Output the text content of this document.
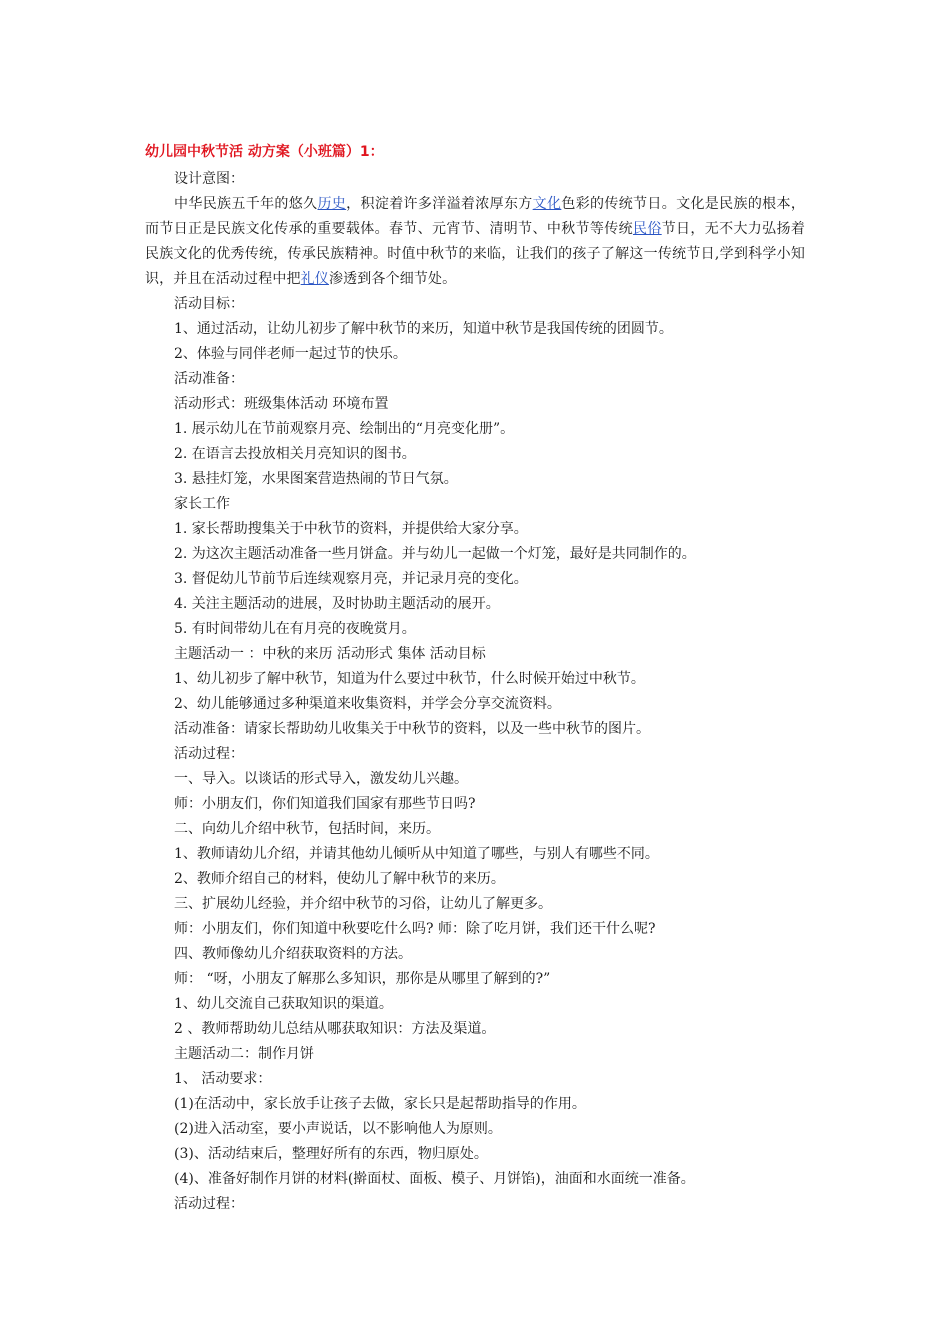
幼儿园中秋节活 动方案（小班篇）1：
设计意图：

中华民族五千年的悠久历史，积淀着许多洋溢着浓厚东方文化色彩的传统节日。文化是民族的根本，而节日正是民族文化传承的重要载体。春节、元宵节、清明节、中秋节等传统民俗节日，无不大力弘扬着民族文化的优秀传统，传承民族精神。时值中秋节的来临，让我们的孩子了解这一传统节日,学到科学小知识，并且在活动过程中把礼仪渗透到各个细节处。

活动目标：
1、通过活动，让幼儿初步了解中秋节的来历，知道中秋节是我国传统的团圆节。
2、体验与同伴老师一起过节的快乐。
活动准备：
活动形式：班级集体活动 环境布置
1. 展示幼儿在节前观察月亮、绘制出的“月亮变化册”。
2. 在语言去投放相关月亮知识的图书。
3. 悬挂灯笼，水果图案营造热闹的节日气氛。
家长工作
1. 家长帮助搜集关于中秋节的资料，并提供给大家分享。
2. 为这次主题活动准备一些月饼盒。并与幼儿一起做一个灯笼，最好是共同制作的。
3. 督促幼儿节前节后连续观察月亮，并记录月亮的变化。
4. 关注主题活动的进展，及时协助主题活动的展开。
5. 有时间带幼儿在有月亮的夜晚赏月。
主题活动一 ：中秋的来历 活动形式 集体 活动目标
1、幼儿初步了解中秋节，知道为什么要过中秋节，什么时候开始过中秋节。
2、幼儿能够通过多种渠道来收集资料，并学会分享交流资料。
活动准备：请家长帮助幼儿收集关于中秋节的资料，以及一些中秋节的图片。
活动过程：
一、导入。以谈话的形式导入，激发幼儿兴趣。
师：小朋友们，你们知道我们国家有那些节日吗?
二、向幼儿介绍中秋节，包括时间，来历。
1、教师请幼儿介绍，并请其他幼儿倾听从中知道了哪些，与别人有哪些不同。
2、教师介绍自己的材料，使幼儿了解中秋节的来历。
三、扩展幼儿经验，并介绍中秋节的习俗，让幼儿了解更多。
师：小朋友们，你们知道中秋要吃什么吗? 师：除了吃月饼，我们还干什么呢?
四、教师像幼儿介绍获取资料的方法。
师： “呀，小朋友了解那么多知识，那你是从哪里了解到的?”
1、幼儿交流自己获取知识的渠道。
2 、教师帮助幼儿总结从哪获取知识：方法及渠道。
主题活动二：制作月饼
1、 活动要求：
(1)在活动中，家长放手让孩子去做，家长只是起帮助指导的作用。
(2)进入活动室，要小声说话，以不影响他人为原则。
(3)、活动结束后，整理好所有的东西，物归原处。
(4)、准备好制作月饼的材料(擀面杖、面板、模子、月饼馅)，油面和水面统一准备。
活动过程：
